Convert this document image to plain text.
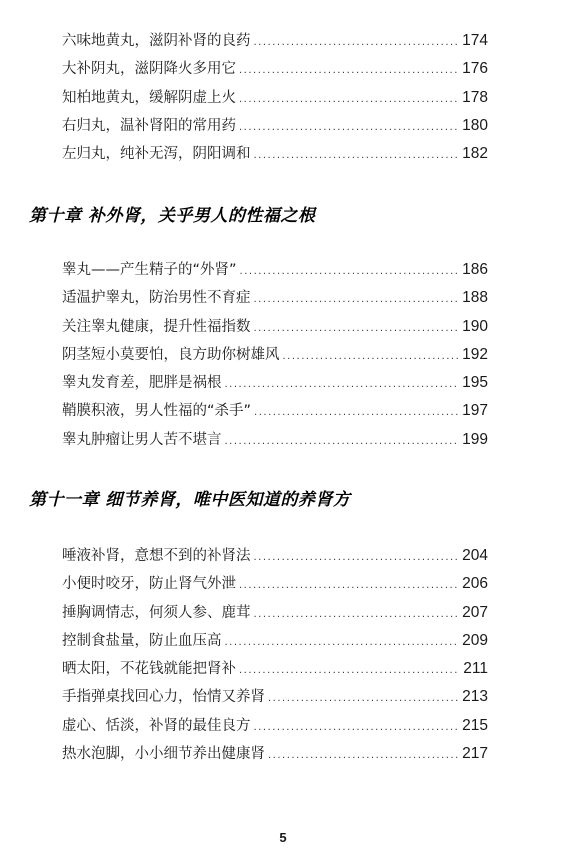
六味地黄丸，滋阴补肾的良药 .....	174
大补阴丸，滋阴降火多用它 .....	176
知柏地黄丸，缓解阴虚上火 .....	178
右归丸，温补肾阳的常用药 .....	180
左归丸，纯补无泻，阴阳调和 .....	182
第十章 补外肾，关乎男人的性福之根
睾丸——产生精子的“外肾” .....	186
适温护睾丸，防治男性不育症 .....	188
关注睾丸健康，提升性福指数 .....	190
阴茎短小莫要怕，良方助你树雄风 .....	192
睾丸发育差，肥胖是祸根 .....	195
鞘膜积液，男人性福的“杀手” .....	197
睾丸肿瘤让男人苦不堪言 .....	199
第十一章 细节养肾，唯中医知道的养肾方
唾液补肾，意想不到的补肾法 .....	204
小便时咬牙，防止肾气外泄 .....	206
捶胸调情志，何须人参、鹿茸 .....	207
控制食盐量，防止血压高 .....	209
晒太阳，不花钱就能把肾补 .....	211
手指弹桌找回心力，怡情又养肾 .....	213
虚心、恬淡，补肾的最佳良方 .....	215
热水泡脚，小小细节养出健康肾 .....	217
5
